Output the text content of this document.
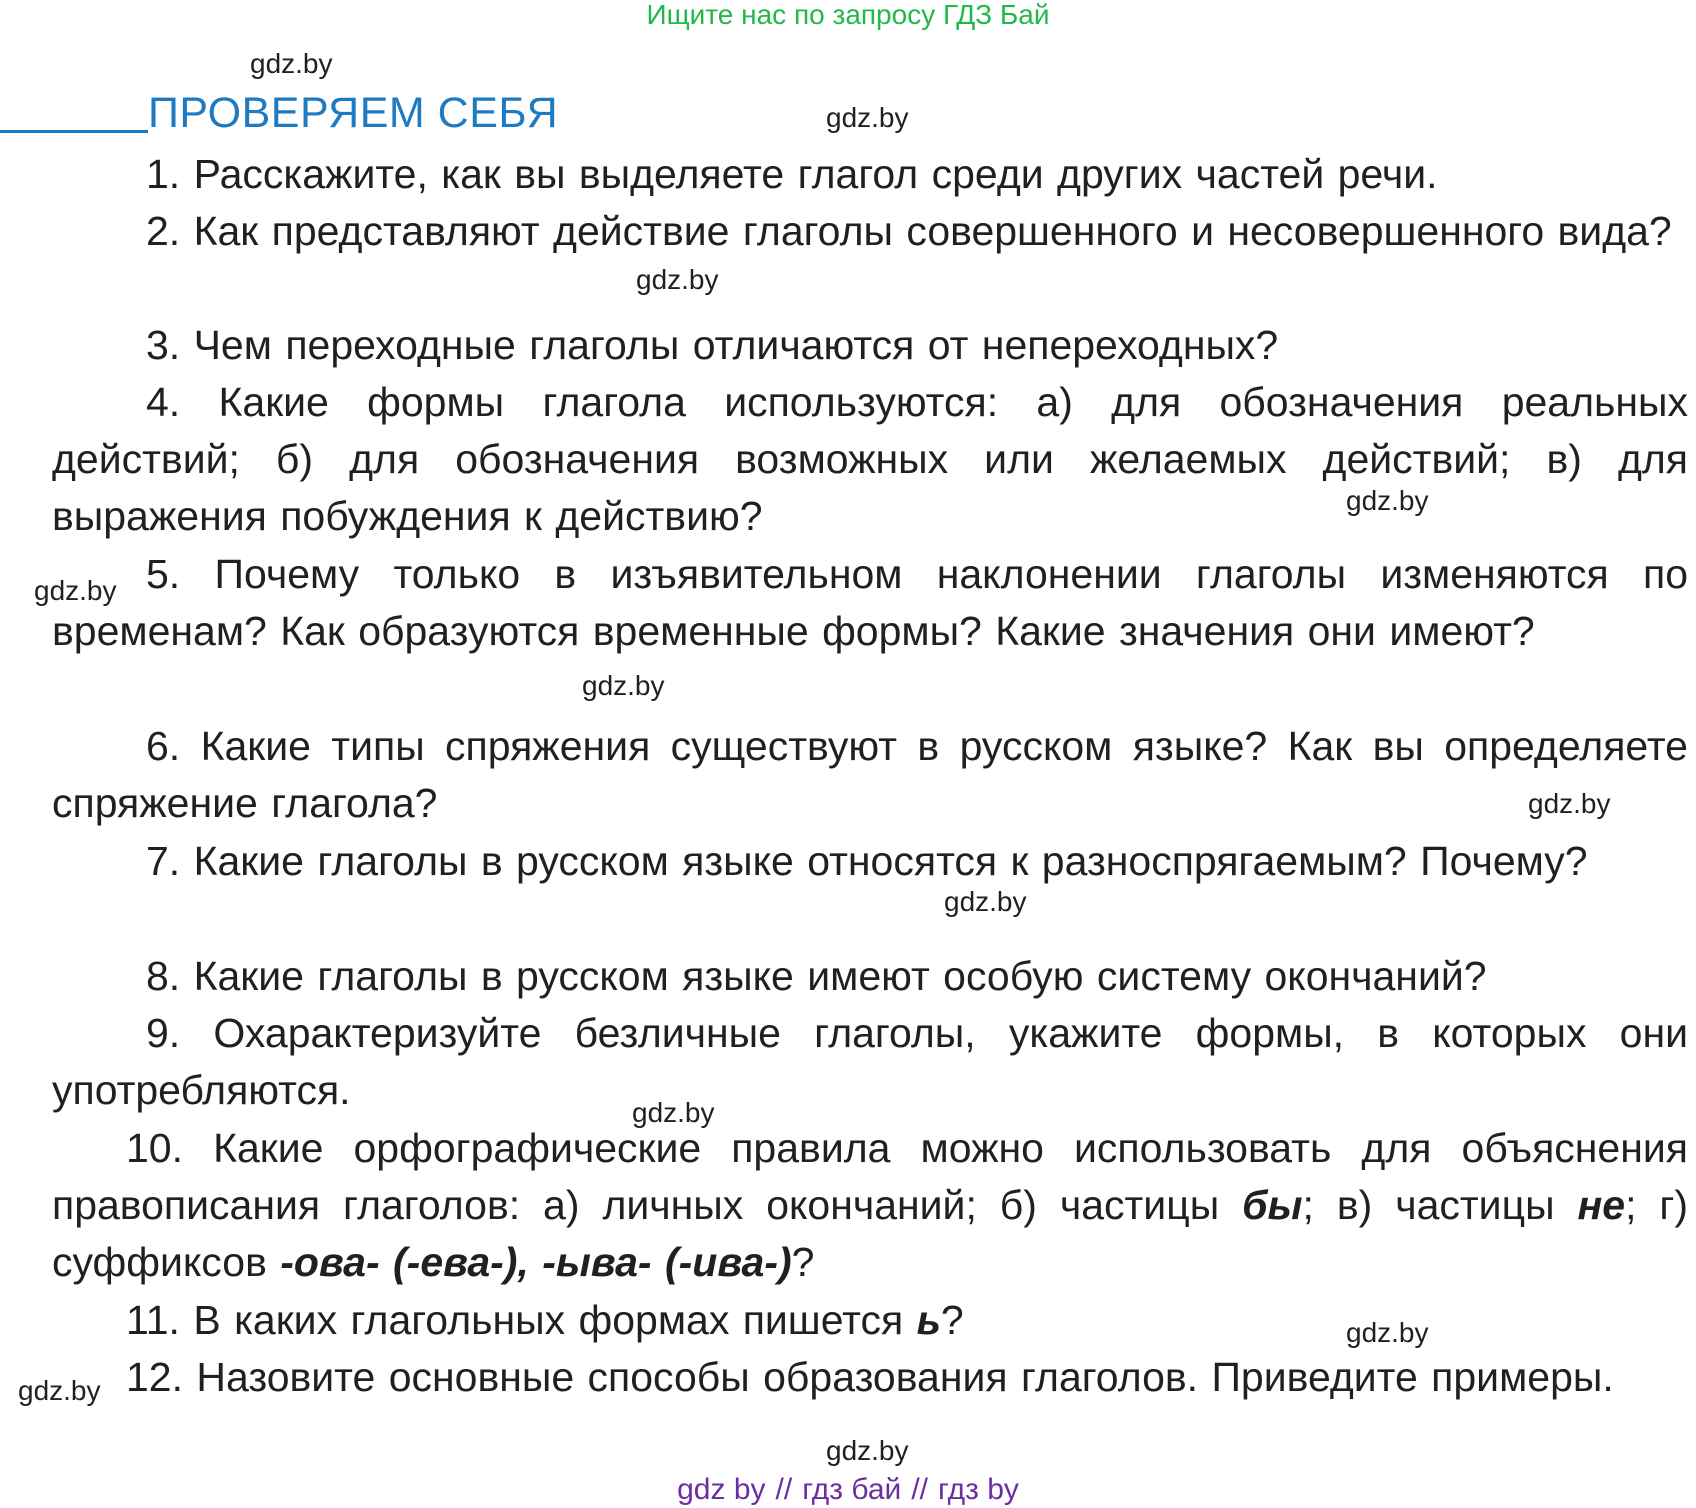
Ищите нас по запросу ГДЗ Бай
gdz.by
ПРОВЕРЯЕМ СЕБЯ	gdz.by
1. Расскажите, как вы выделяете глагол среди других частей речи.
2. Как представляют действие глаголы совершенного и несовершенного вида?
gdz.by
3. Чем переходные глаголы отличаются от непереходных?
4. Какие формы глагола используются: а) для обозначения реальных действий; б) для обозначения возможных или желаемых действий; в) для выражения побуждения к действию?	gdz.by
gdz.by 5. Почему только в изъявительном наклонении глаголы изменяются по временам? Как образуются временные формы? Какие значения они имеют?
gdz.by
6. Какие типы спряжения существуют в русском языке? Как вы определяете спряжение глагола?	gdz.by
7. Какие глаголы в русском языке относятся к разноспрягаемым? Почему?
gdz.by
8. Какие глаголы в русском языке имеют особую систему окончаний?
9. Охарактеризуйте безличные глаголы, укажите формы, в которых они употребляются.	gdz.by
10. Какие орфографические правила можно использовать для объяснения правописания глаголов: а) личных окончаний; б) частицы бы; в) частицы не; г) суффиксов -ова- (-ева-), -ыва- (-ива-)?
11. В каких глагольных формах пишется ь?	gdz.by
gdz.by 12. Назовите основные способы образования глаголов. Приведите примеры.
gdz.by
gdz by // гдз бай // гдз by
